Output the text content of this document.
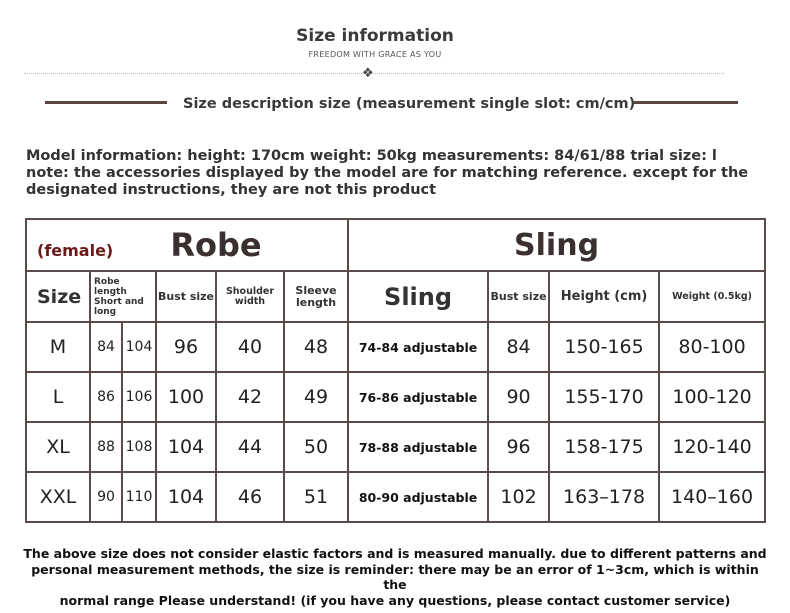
Size information
FREEDOM WITH GRACE AS YOU
❖
Size description size (measurement single slot: cm/cm)
Model information: height: 170cm weight: 50kg measurements: 84/61/88 trial size: l
note: the accessories displayed by the model are for matching reference. except for the
designated instructions, they are not this product
(female) Robe						Sling			
Size	Robe length Short and long		Bust size	Shoulder width	Sleeve length	Sling	Bust size	Height (cm)	Weight (0.5kg)
M	84	104	96	40	48	74-84 adjustable	84	150-165	80-100
L	86	106	100	42	49	76-86 adjustable	90	155-170	100-120
XL	88	108	104	44	50	78-88 adjustable	96	158-175	120-140
XXL	90	110	104	46	51	80-90 adjustable	102	163–178	140–160
The above size does not consider elastic factors and is measured manually. due to different patterns and
personal measurement methods, the size is reminder: there may be an error of 1~3cm, which is within the
normal range Please understand! (if you have any questions, please contact customer service)
